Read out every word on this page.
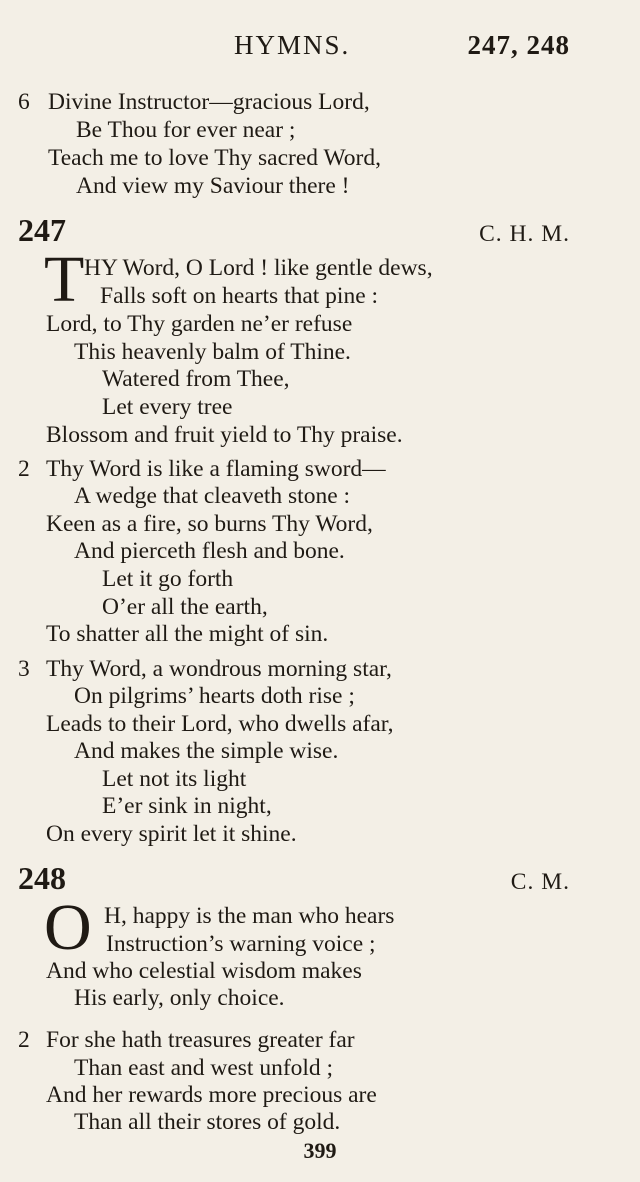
HYMNS.	247, 248
6 Divine Instructor—gracious Lord,
Be Thou for ever near ;
Teach me to love Thy sacred Word,
And view my Saviour there !
247	C. H. M.
T HY Word, O Lord ! like gentle dews,
Falls soft on hearts that pine :
Lord, to Thy garden ne’er refuse
This heavenly balm of Thine.
Watered from Thee,
Let every tree
Blossom and fruit yield to Thy praise.
2 Thy Word is like a flaming sword—
A wedge that cleaveth stone :
Keen as a fire, so burns Thy Word,
And pierceth flesh and bone.
Let it go forth
O’er all the earth,
To shatter all the might of sin.
3 Thy Word, a wondrous morning star,
On pilgrims’ hearts doth rise ;
Leads to their Lord, who dwells afar,
And makes the simple wise.
Let not its light
E’er sink in night,
On every spirit let it shine.
248	C. M.
O H, happy is the man who hears
Instruction’s warning voice ;
And who celestial wisdom makes
His early, only choice.
2 For she hath treasures greater far
Than east and west unfold ;
And her rewards more precious are
Than all their stores of gold.
399
